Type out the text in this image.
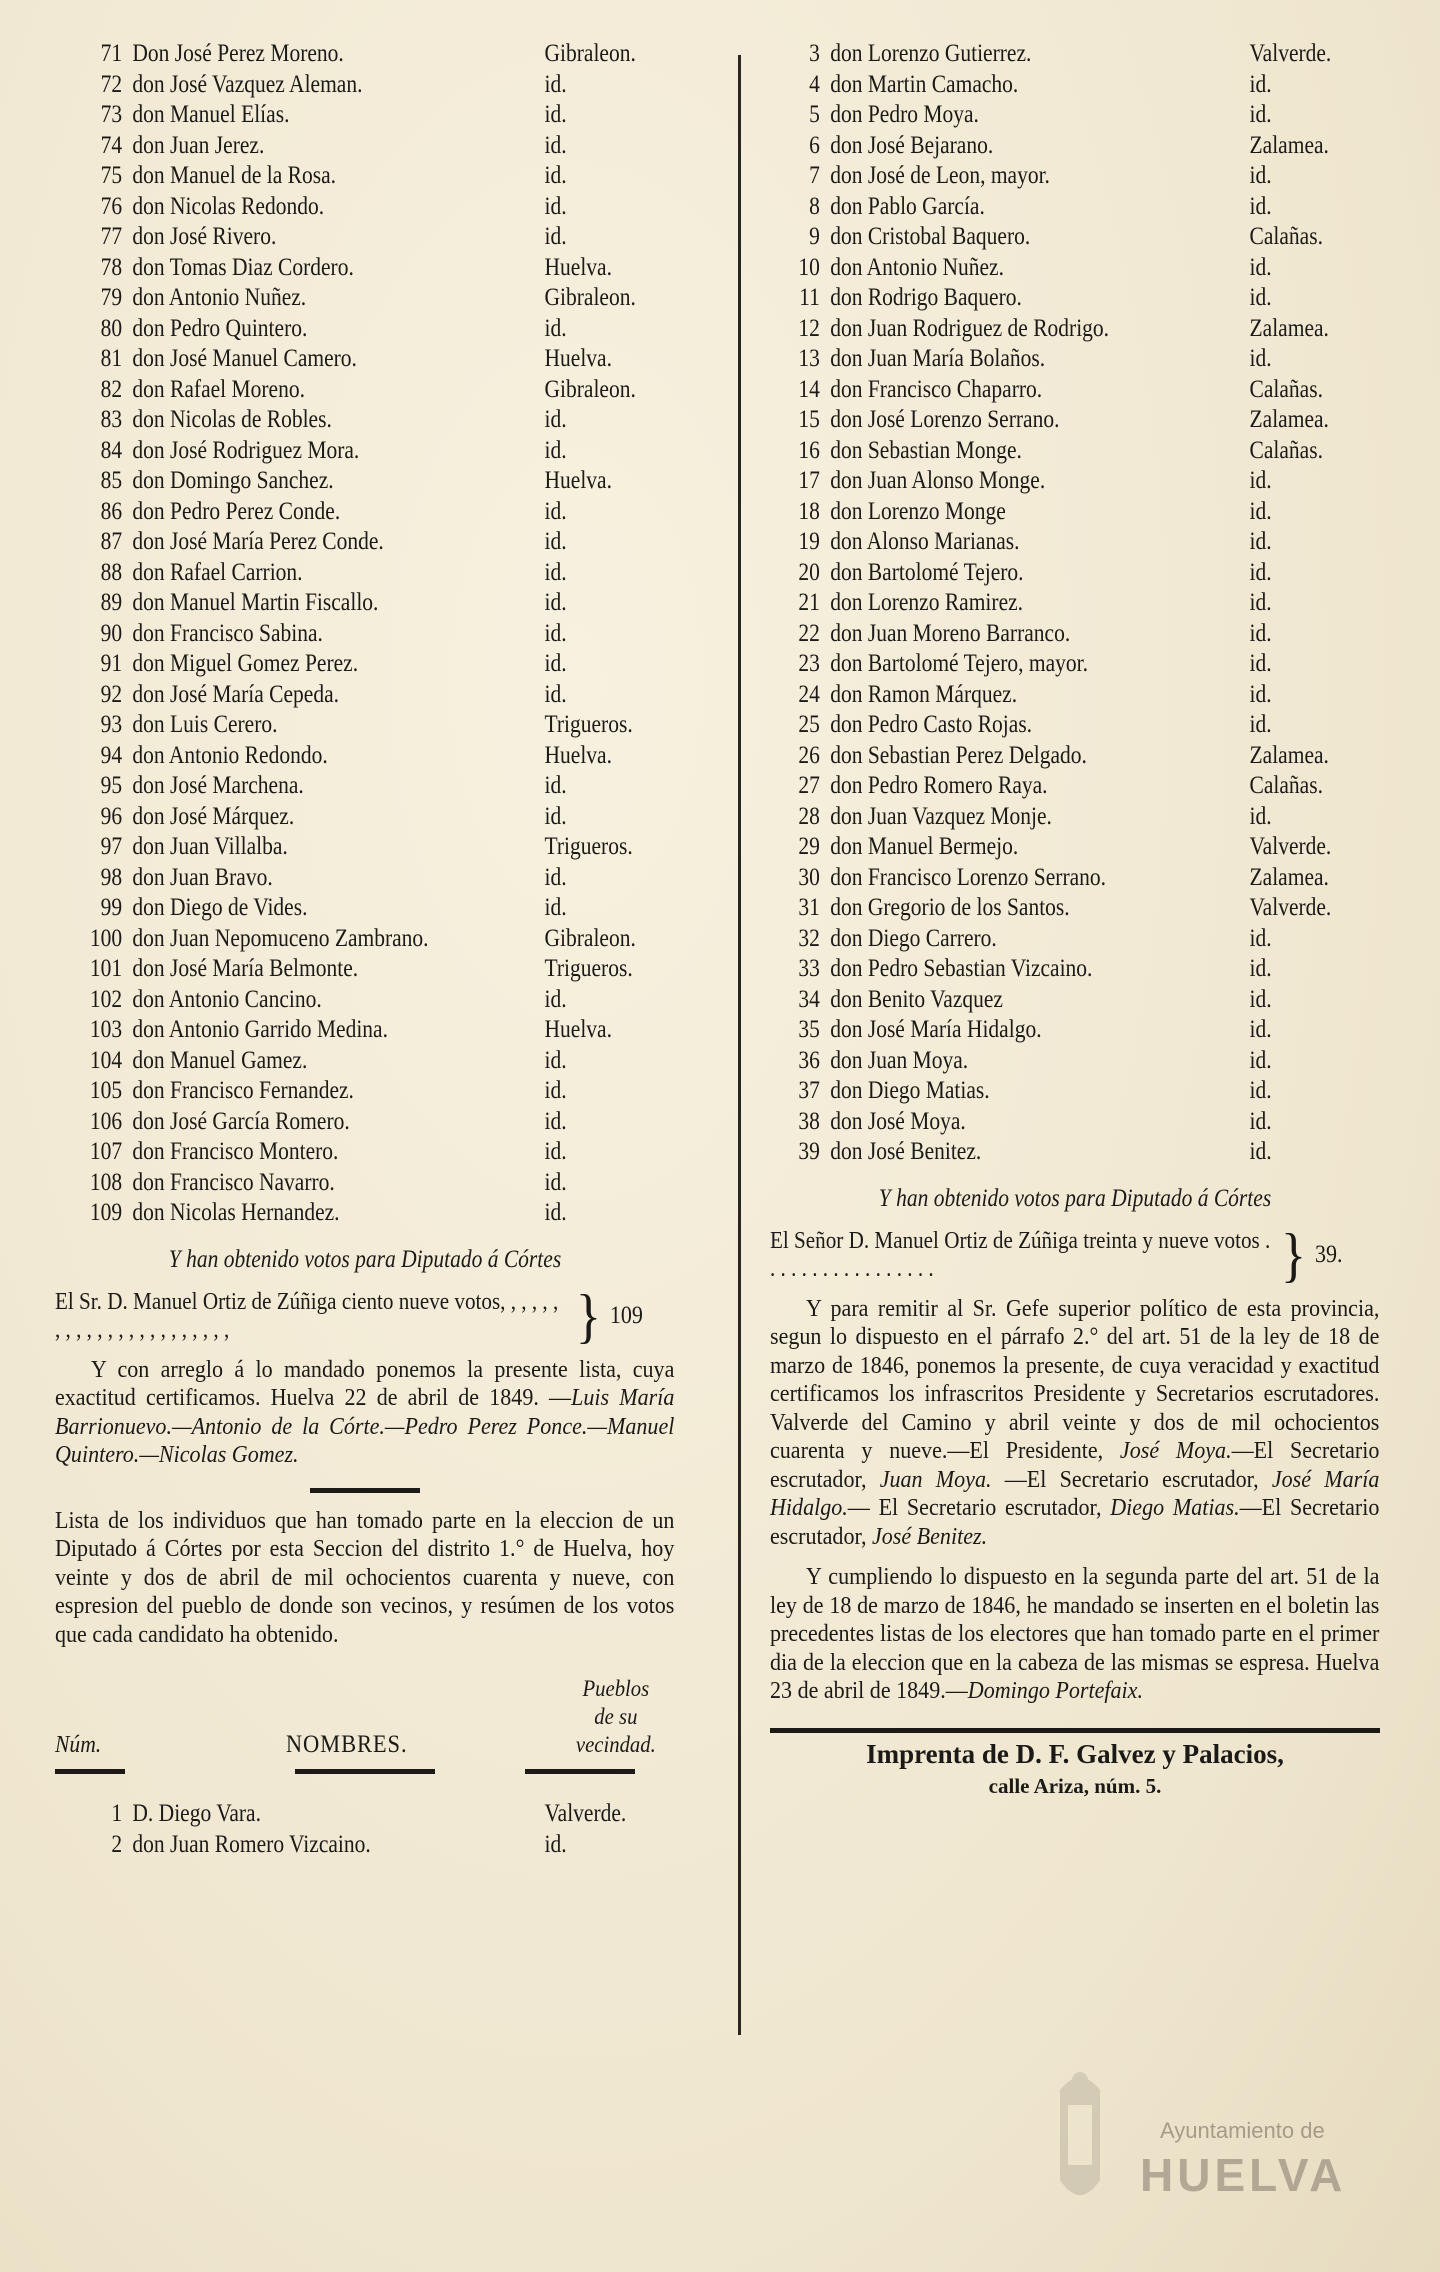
71 Don José Perez Moreno.	Gibraleon.
72 don José Vazquez Aleman.	id.
73 don Manuel Elías.	id.
74 don Juan Jerez.	id.
75 don Manuel de la Rosa.	id.
76 don Nicolas Redondo.	id.
77 don José Rivero.	id.
78 don Tomas Diaz Cordero.	Huelva.
79 don Antonio Nuñez.	Gibraleon.
80 don Pedro Quintero.	id.
81 don José Manuel Camero.	Huelva.
82 don Rafael Moreno.	Gibraleon.
83 don Nicolas de Robles.	id.
84 don José Rodriguez Mora.	id.
85 don Domingo Sanchez.	Huelva.
86 don Pedro Perez Conde.	id.
87 don José María Perez Conde.	id.
88 don Rafael Carrion.	id.
89 don Manuel Martin Fiscallo.	id.
90 don Francisco Sabina.	id.
91 don Miguel Gomez Perez.	id.
92 don José María Cepeda.	id.
93 don Luis Cerero.	Trigueros.
94 don Antonio Redondo.	Huelva.
95 don José Marchena.	id.
96 don José Márquez.	id.
97 don Juan Villalba.	Trigueros.
98 don Juan Bravo.	id.
99 don Diego de Vides.	id.
100 don Juan Nepomuceno Zambrano.	Gibraleon.
101 don José María Belmonte.	Trigueros.
102 don Antonio Cancino.	id.
103 don Antonio Garrido Medina.	Huelva.
104 don Manuel Gamez.	id.
105 don Francisco Fernandez.	id.
106 don José García Romero.	id.
107 don Francisco Montero.	id.
108 don Francisco Navarro.	id.
109 don Nicolas Hernandez.	id.
Y han obtenido votos para Diputado á Córtes
El Sr. D. Manuel Ortiz de Zúñiga ciento nueve votos, , , , , , , , , , , , , , , , , , , , , , ,	} 109

Y con arreglo á lo mandado ponemos la presente lista, cuya exactitud certificamos. Huelva 22 de abril de 1849. —Luis María Barrionuevo.—Antonio de la Córte.—Pedro Perez Ponce.—Manuel Quintero.—Nicolas Gomez.

Lista de los individuos que han tomado parte en la eleccion de un Diputado á Córtes por esta Seccion del distrito 1.° de Huelva, hoy veinte y dos de abril de mil ochocientos cuarenta y nueve, con espresion del pueblo de donde son vecinos, y resúmen de los votos que cada candidato ha obtenido.

Núm.	NOMBRES.
Pueblos
de su
vecindad.
1 D. Diego Vara.	Valverde.
2 don Juan Romero Vizcaino.	id.
3 don Lorenzo Gutierrez.	Valverde.
4 don Martin Camacho.	id.
5 don Pedro Moya.	id.
6 don José Bejarano.	Zalamea.
7 don José de Leon, mayor.	id.
8 don Pablo García.	id.
9 don Cristobal Baquero.	Calañas.
10 don Antonio Nuñez.	id.
11 don Rodrigo Baquero.	id.
12 don Juan Rodriguez de Rodrigo.	Zalamea.
13 don Juan María Bolaños.	id.
14 don Francisco Chaparro.	Calañas.
15 don José Lorenzo Serrano.	Zalamea.
16 don Sebastian Monge.	Calañas.
17 don Juan Alonso Monge.	id.
18 don Lorenzo Monge	id.
19 don Alonso Marianas.	id.
20 don Bartolomé Tejero.	id.
21 don Lorenzo Ramirez.	id.
22 don Juan Moreno Barranco.	id.
23 don Bartolomé Tejero, mayor.	id.
24 don Ramon Márquez.	id.
25 don Pedro Casto Rojas.	id.
26 don Sebastian Perez Delgado.	Zalamea.
27 don Pedro Romero Raya.	Calañas.
28 don Juan Vazquez Monje.	id.
29 don Manuel Bermejo.	Valverde.
30 don Francisco Lorenzo Serrano.	Zalamea.
31 don Gregorio de los Santos.	Valverde.
32 don Diego Carrero.	id.
33 don Pedro Sebastian Vizcaino.	id.
34 don Benito Vazquez	id.
35 don José María Hidalgo.	id.
36 don Juan Moya.	id.
37 don Diego Matias.	id.
38 don José Moya.	id.
39 don José Benitez.	id.
Y han obtenido votos para Diputado á Córtes
El Señor D. Manuel Ortiz de Zúñiga treinta y nueve votos . . . . . . . . . . . . . . . . .	} 39.

Y para remitir al Sr. Gefe superior político de esta provincia, segun lo dispuesto en el párrafo 2.° del art. 51 de la ley de 18 de marzo de 1846, ponemos la presente, de cuya veracidad y exactitud certificamos los infrascritos Presidente y Secretarios escrutadores. Valverde del Camino y abril veinte y dos de mil ochocientos cuarenta y nueve.—El Presidente, José Moya.—El Secretario escrutador, Juan Moya. —El Secretario escrutador, José María Hidalgo.— El Secretario escrutador, Diego Matias.—El Secretario escrutador, José Benitez.

Y cumpliendo lo dispuesto en la segunda parte del art. 51 de la ley de 18 de marzo de 1846, he mandado se inserten en el boletin las precedentes listas de los electores que han tomado parte en el primer dia de la eleccion que en la cabeza de las mismas se espresa. Huelva 23 de abril de 1849.—Domingo Portefaix.

Imprenta de D. F. Galvez y Palacios,
calle Ariza, núm. 5.
Ayuntamiento de
HUELVA
